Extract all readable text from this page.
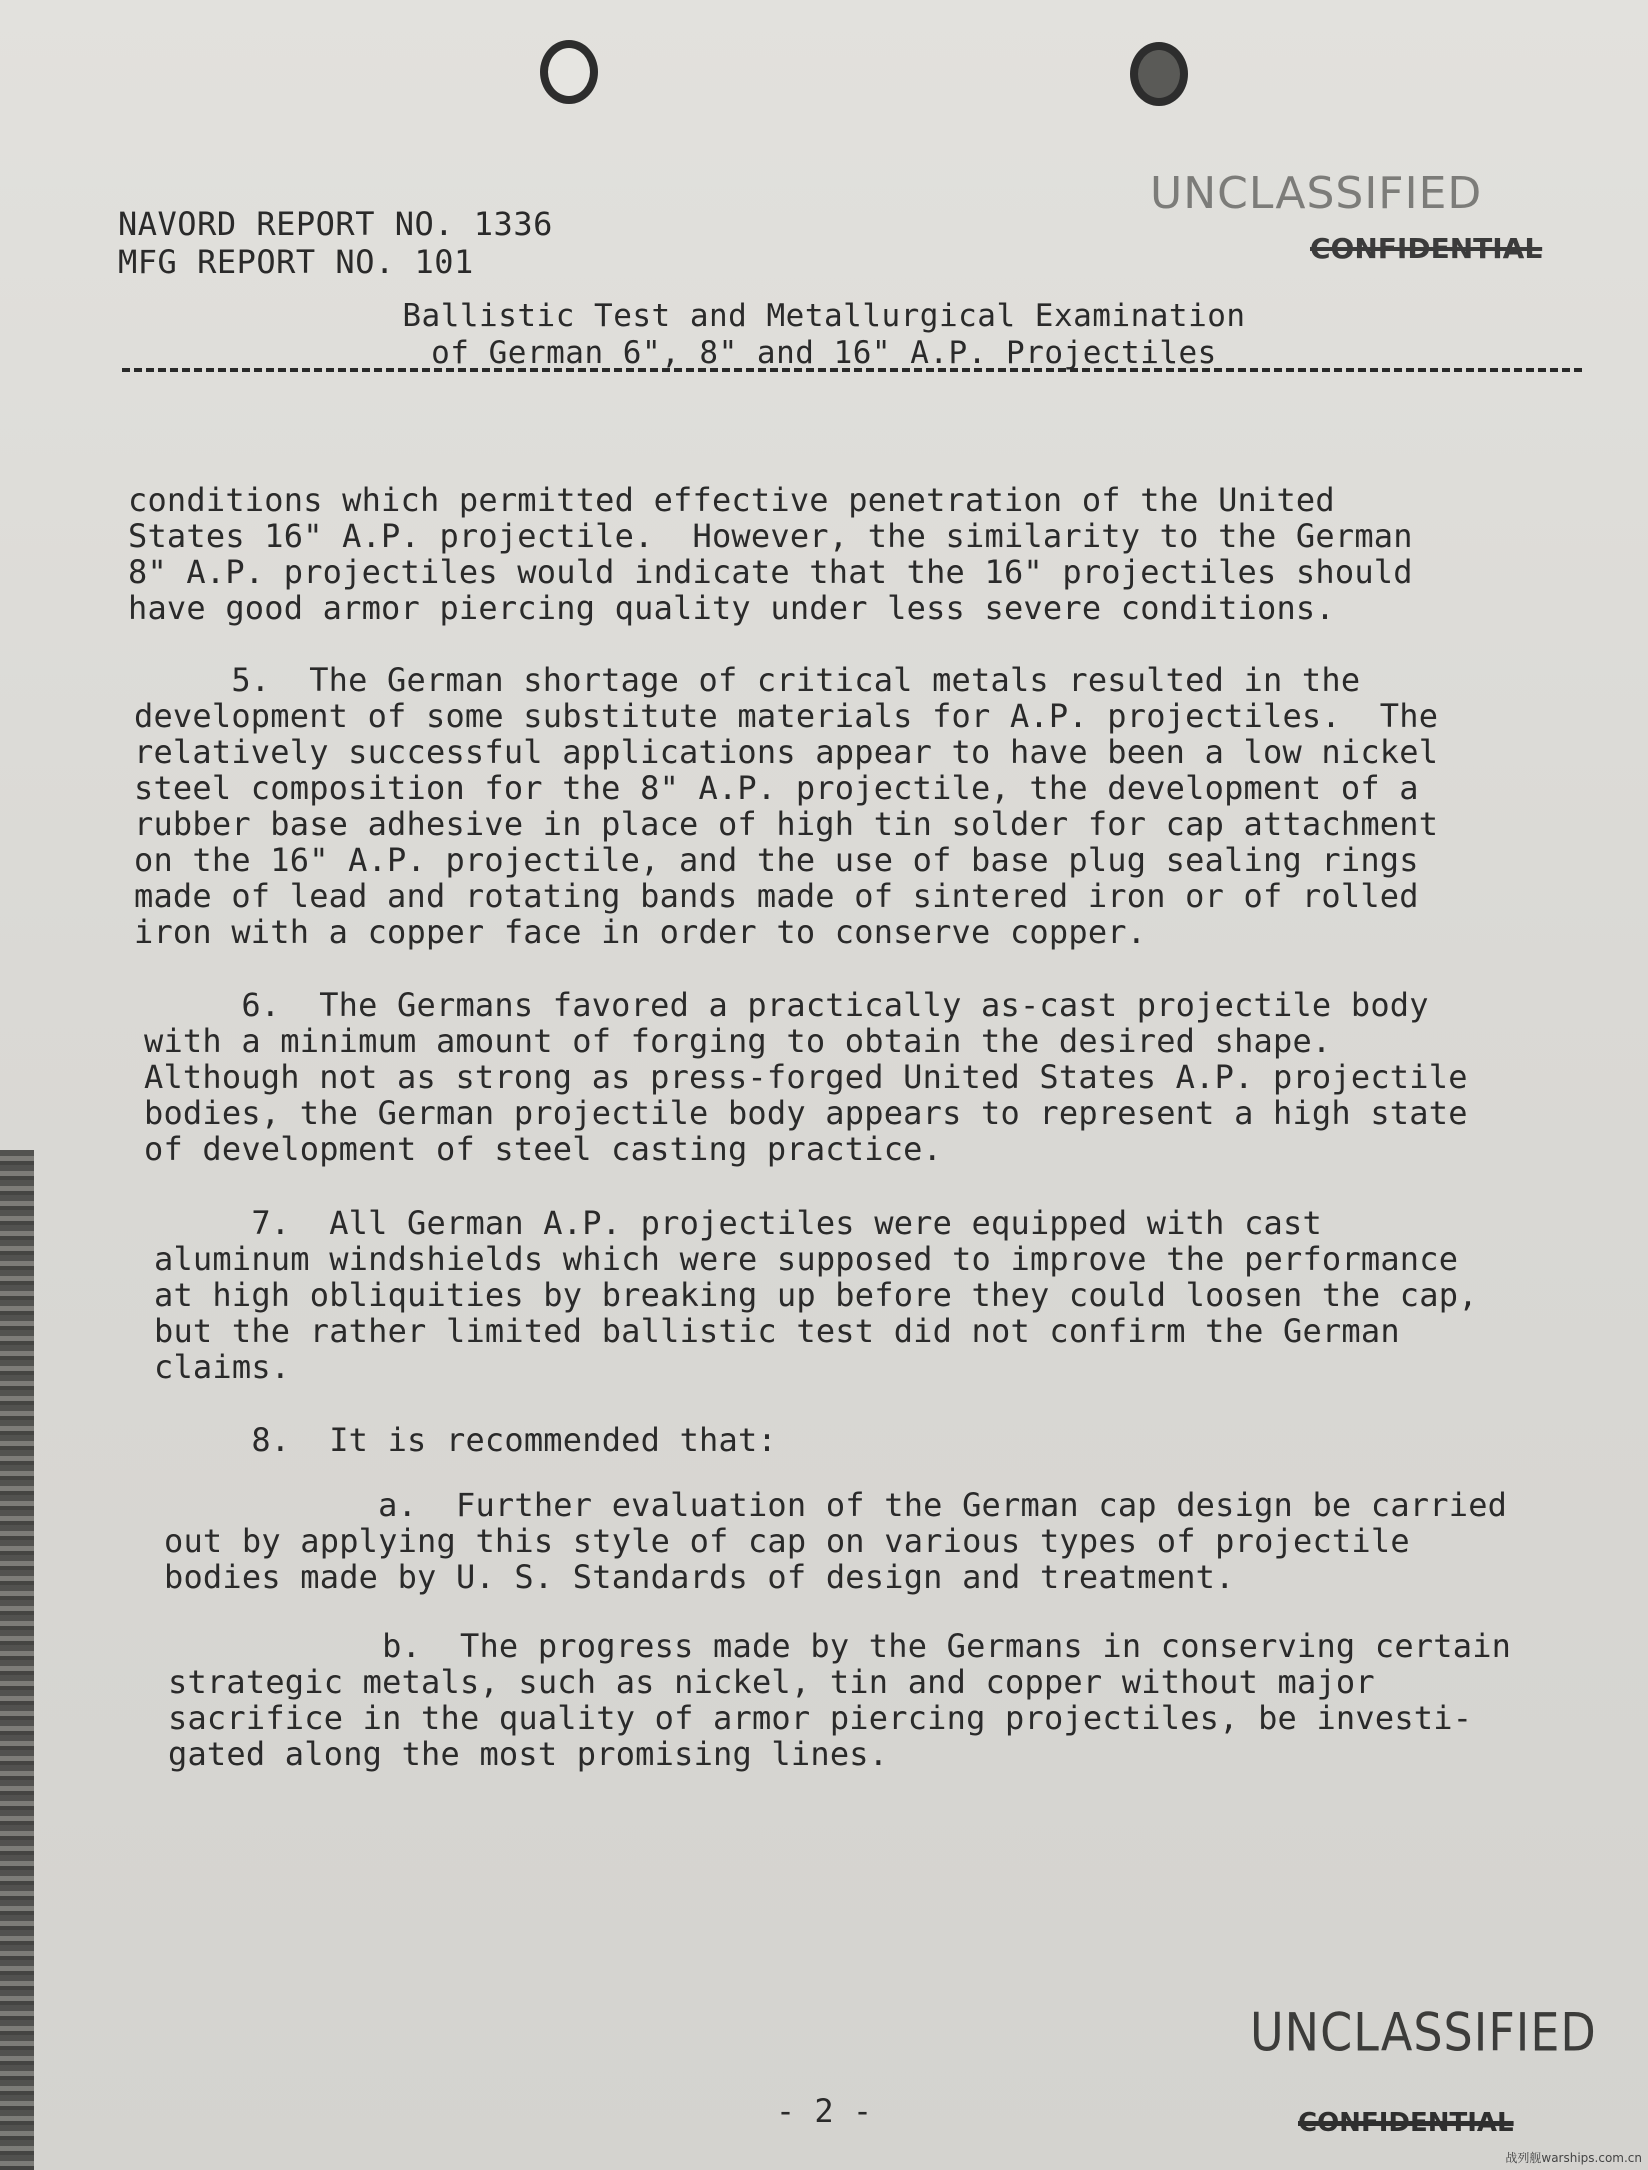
NAVORD REPORT NO. 1336
MFG REPORT NO. 101
UNCLASSIFIED
CONFIDENTIAL
Ballistic Test and Metallurgical Examination
of German 6", 8" and 16" A.P. Projectiles
conditions which permitted effective penetration of the United
States 16" A.P. projectile.  However, the similarity to the German
8" A.P. projectiles would indicate that the 16" projectiles should
have good armor piercing quality under less severe conditions.
5.  The German shortage of critical metals resulted in the
development of some substitute materials for A.P. projectiles.  The
relatively successful applications appear to have been a low nickel
steel composition for the 8" A.P. projectile, the development of a
rubber base adhesive in place of high tin solder for cap attachment
on the 16" A.P. projectile, and the use of base plug sealing rings
made of lead and rotating bands made of sintered iron or of rolled
iron with a copper face in order to conserve copper.
6.  The Germans favored a practically as-cast projectile body
with a minimum amount of forging to obtain the desired shape.
Although not as strong as press-forged United States A.P. projectile
bodies, the German projectile body appears to represent a high state
of development of steel casting practice.
7.  All German A.P. projectiles were equipped with cast
aluminum windshields which were supposed to improve the performance
at high obliquities by breaking up before they could loosen the cap,
but the rather limited ballistic test did not confirm the German
claims.
8.  It is recommended that:
a.  Further evaluation of the German cap design be carried
out by applying this style of cap on various types of projectile
bodies made by U. S. Standards of design and treatment.
b.  The progress made by the Germans in conserving certain
strategic metals, such as nickel, tin and copper without major
sacrifice in the quality of armor piercing projectiles, be investi-
gated along the most promising lines.
UNCLASSIFIED
- 2 -	CONFIDENTIAL
战列舰warships.com.cn
